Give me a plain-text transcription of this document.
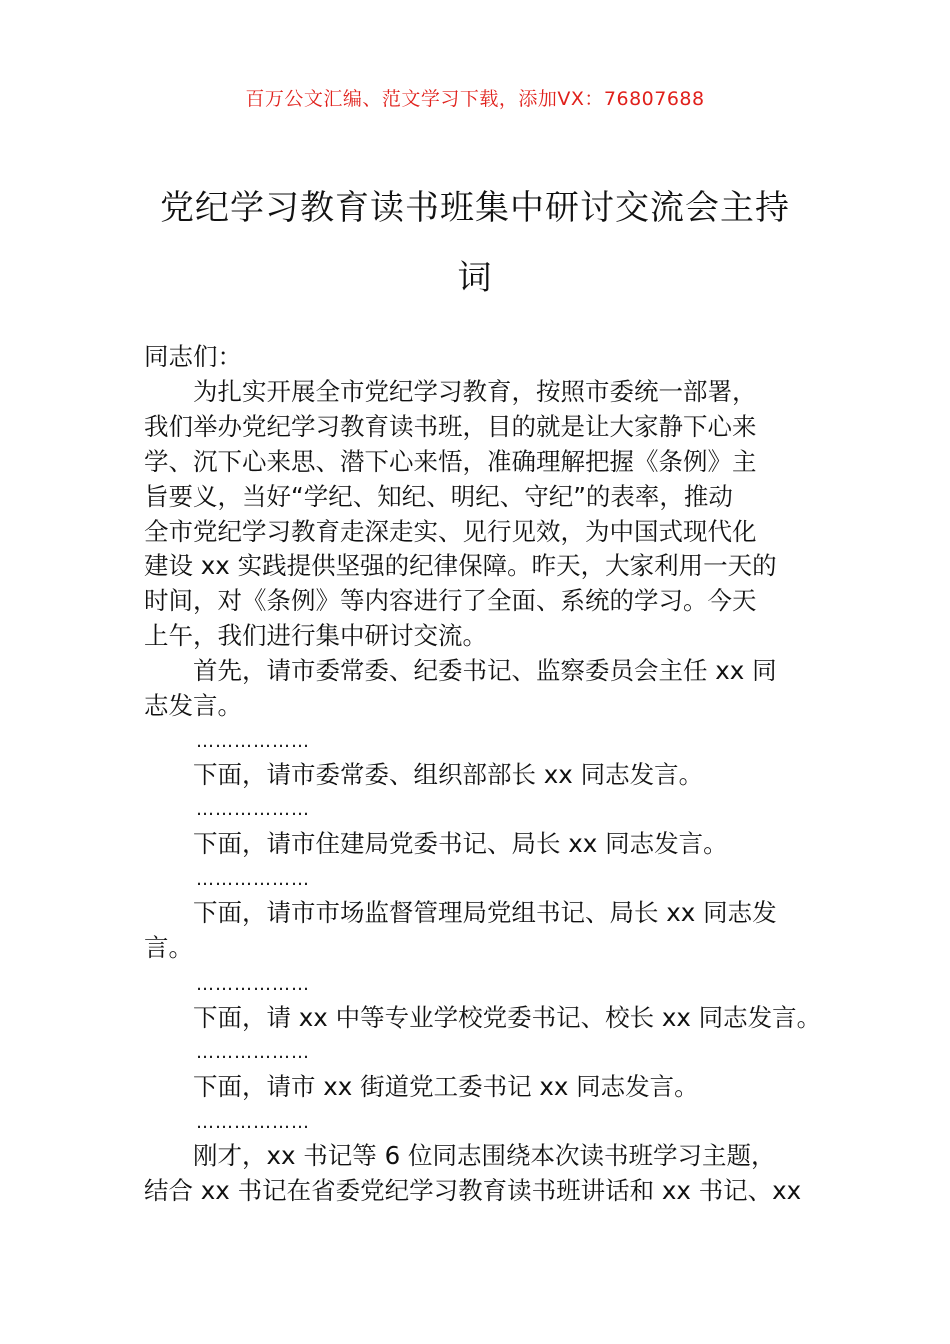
百万公文汇编、范文学习下载，添加VX：76807688
党纪学习教育读书班集中研讨交流会主持
词
同志们：
为扎实开展全市党纪学习教育，按照市委统一部署，
我们举办党纪学习教育读书班，目的就是让大家静下心来
学、沉下心来思、潜下心来悟，准确理解把握《条例》主
旨要义，当好“学纪、知纪、明纪、守纪”的表率，推动
全市党纪学习教育走深走实、见行见效，为中国式现代化
建设 xx 实践提供坚强的纪律保障。昨天，大家利用一天的
时间，对《条例》等内容进行了全面、系统的学习。今天
上午，我们进行集中研讨交流。
首先，请市委常委、纪委书记、监察委员会主任 xx 同
志发言。
………………
下面，请市委常委、组织部部长 xx 同志发言。
………………
下面，请市住建局党委书记、局长 xx 同志发言。
………………
下面，请市市场监督管理局党组书记、局长 xx 同志发
言。
………………
下面，请 xx 中等专业学校党委书记、校长 xx 同志发言。
………………
下面，请市 xx 街道党工委书记 xx 同志发言。
………………
刚才，xx 书记等 6 位同志围绕本次读书班学习主题，
结合 xx 书记在省委党纪学习教育读书班讲话和 xx 书记、xx
